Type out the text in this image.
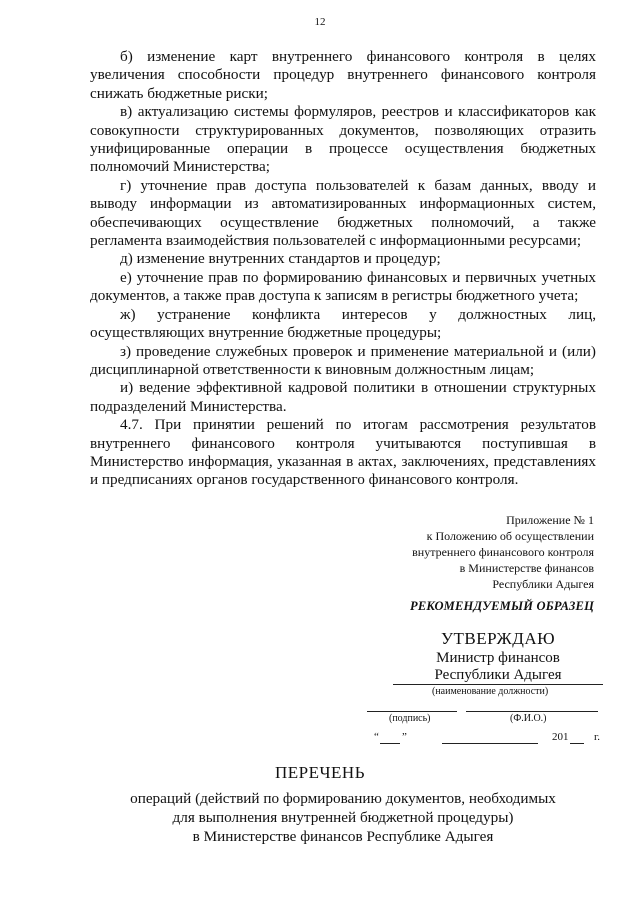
12

б) изменение карт внутреннего финансового контроля в целях увеличения способности процедур внутреннего финансового контроля снижать бюджетные риски;

в) актуализацию системы формуляров, реестров и классификаторов как совокупности структурированных документов, позволяющих отразить унифицированные операции в процессе осуществления бюджетных полномочий Министерства;

г) уточнение прав доступа пользователей к базам данных, вводу и выводу информации из автоматизированных информационных систем, обеспечивающих осуществление бюджетных полномочий, а также регламента взаимодействия пользователей с информационными ресурсами;

д) изменение внутренних стандартов и процедур;

е) уточнение прав по формированию финансовых и первичных учетных документов, а также прав доступа к записям в регистры бюджетного учета;

ж) устранение конфликта интересов у должностных лиц, осуществляющих внутренние бюджетные процедуры;

з) проведение служебных проверок и применение материальной и (или) дисциплинарной ответственности к виновным должностным лицам;

и) ведение эффективной кадровой политики в отношении структурных подразделений Министерства.

4.7. При принятии решений по итогам рассмотрения результатов внутреннего финансового контроля учитываются поступившая в Министерство информация, указанная в актах, заключениях, представлениях и предписаниях органов государственного финансового контроля.

Приложение № 1
к Положению об осуществлении
внутреннего финансового контроля
в Министерстве финансов
Республики Адыгея
РЕКОМЕНДУЕМЫЙ ОБРАЗЕЦ
УТВЕРЖДАЮ
Министр финансов
Республики Адыгея
(наименование должности)
(подпись)	(Ф.И.О.)
“ ”	201 г.
ПЕРЕЧЕНЬ
операций (действий по формированию документов, необходимых
для выполнения внутренней бюджетной процедуры)
в Министерстве финансов Республике Адыгея
